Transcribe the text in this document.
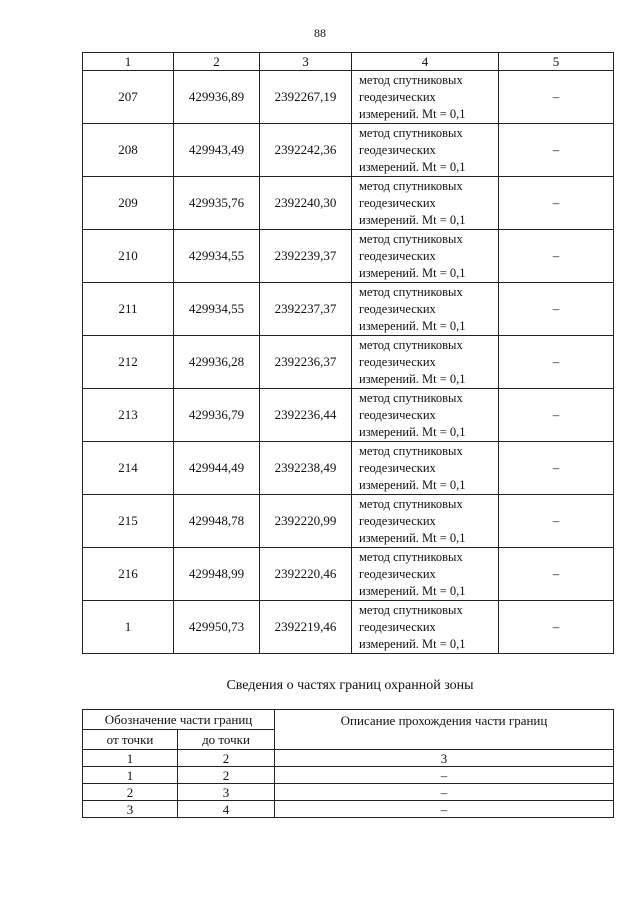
88
1	2	3	4	5
207	429936,89	2392267,19	метод спутниковых
геодезических
измерений. Mt = 0,1	–
208	429943,49	2392242,36	метод спутниковых
геодезических
измерений. Mt = 0,1	–
209	429935,76	2392240,30	метод спутниковых
геодезических
измерений. Mt = 0,1	–
210	429934,55	2392239,37	метод спутниковых
геодезических
измерений. Mt = 0,1	–
211	429934,55	2392237,37	метод спутниковых
геодезических
измерений. Mt = 0,1	–
212	429936,28	2392236,37	метод спутниковых
геодезических
измерений. Mt = 0,1	–
213	429936,79	2392236,44	метод спутниковых
геодезических
измерений. Mt = 0,1	–
214	429944,49	2392238,49	метод спутниковых
геодезических
измерений. Mt = 0,1	–
215	429948,78	2392220,99	метод спутниковых
геодезических
измерений. Mt = 0,1	–
216	429948,99	2392220,46	метод спутниковых
геодезических
измерений. Mt = 0,1	–
1	429950,73	2392219,46	метод спутниковых
геодезических
измерений. Mt = 0,1	–
Сведения о частях границ охранной зоны
Обозначение части границ		Описание прохождения части границ
от точки	до точки	
1	2	3
1	2	–
2	3	–
3	4	–
